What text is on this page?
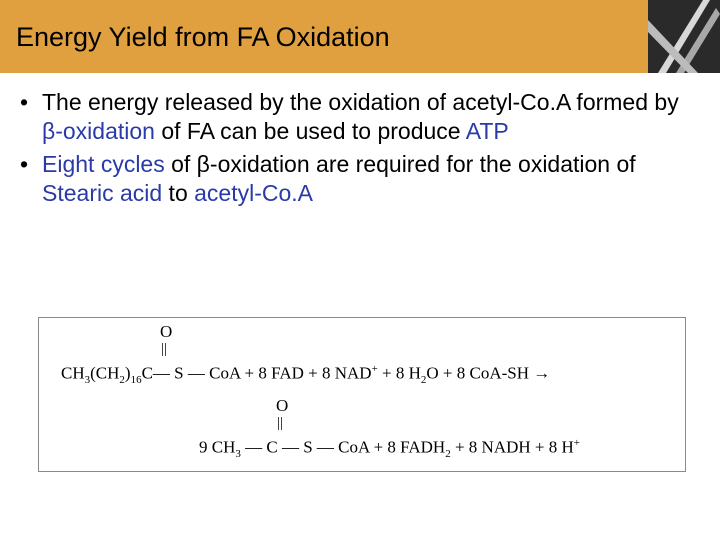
Energy Yield from FA Oxidation
• The energy released by the oxidation of acetyl-Co.A formed by β-oxidation of FA can be used to produce ATP
• Eight cycles of β-oxidation are required for the oxidation of Stearic acid to acetyl-Co.A
O
||
$CH_3(CH_2)_{16}C—$ S — CoA + 8 FAD + 8 NAD+ + 8 $H_2O + 8$ CoA-SH →
O
||
9 $CH_3$ — C — S — CoA + 8 $FADH_2 + 8$ NADH + 8 H+
